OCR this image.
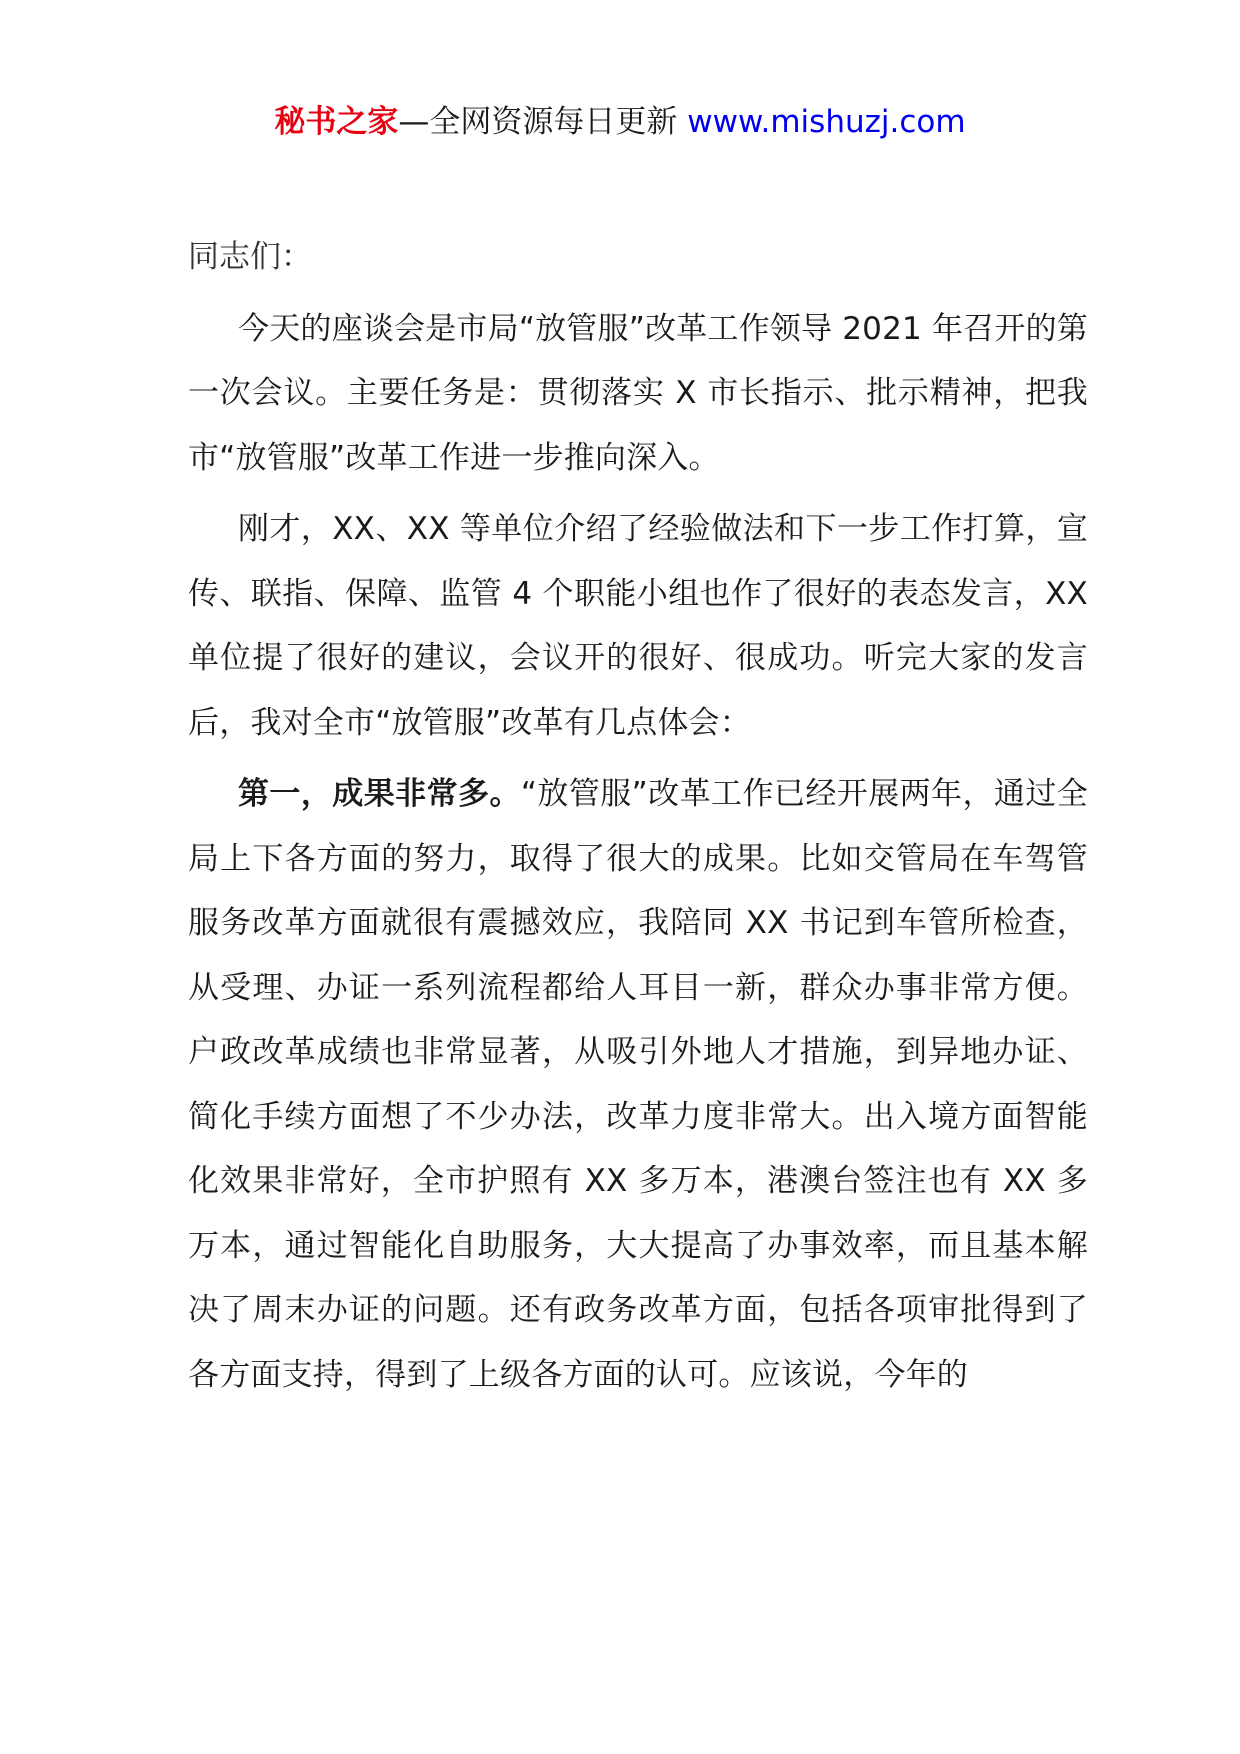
秘书之家—全网资源每日更新 www.mishuzj.com

同志们：

今天的座谈会是市局“放管服”改革工作领导 2021 年召开的第一次会议。主要任务是：贯彻落实 X 市长指示、批示精神，把我市“放管服”改革工作进一步推向深入。

刚才，XX、XX 等单位介绍了经验做法和下一步工作打算，宣传、联指、保障、监管 4 个职能小组也作了很好的表态发言，XX 单位提了很好的建议，会议开的很好、很成功。听完大家的发言后，我对全市“放管服”改革有几点体会：

第一，成果非常多。“放管服”改革工作已经开展两年，通过全局上下各方面的努力，取得了很大的成果。比如交管局在车驾管服务改革方面就很有震撼效应，我陪同 XX 书记到车管所检查，从受理、办证一系列流程都给人耳目一新，群众办事非常方便。户政改革成绩也非常显著，从吸引外地人才措施，到异地办证、简化手续方面想了不少办法，改革力度非常大。出入境方面智能化效果非常好，全市护照有 XX 多万本，港澳台签注也有 XX 多万本，通过智能化自助服务，大大提高了办事效率，而且基本解决了周末办证的问题。还有政务改革方面，包括各项审批得到了各方面支持，得到了上级各方面的认可。应该说，今年的
